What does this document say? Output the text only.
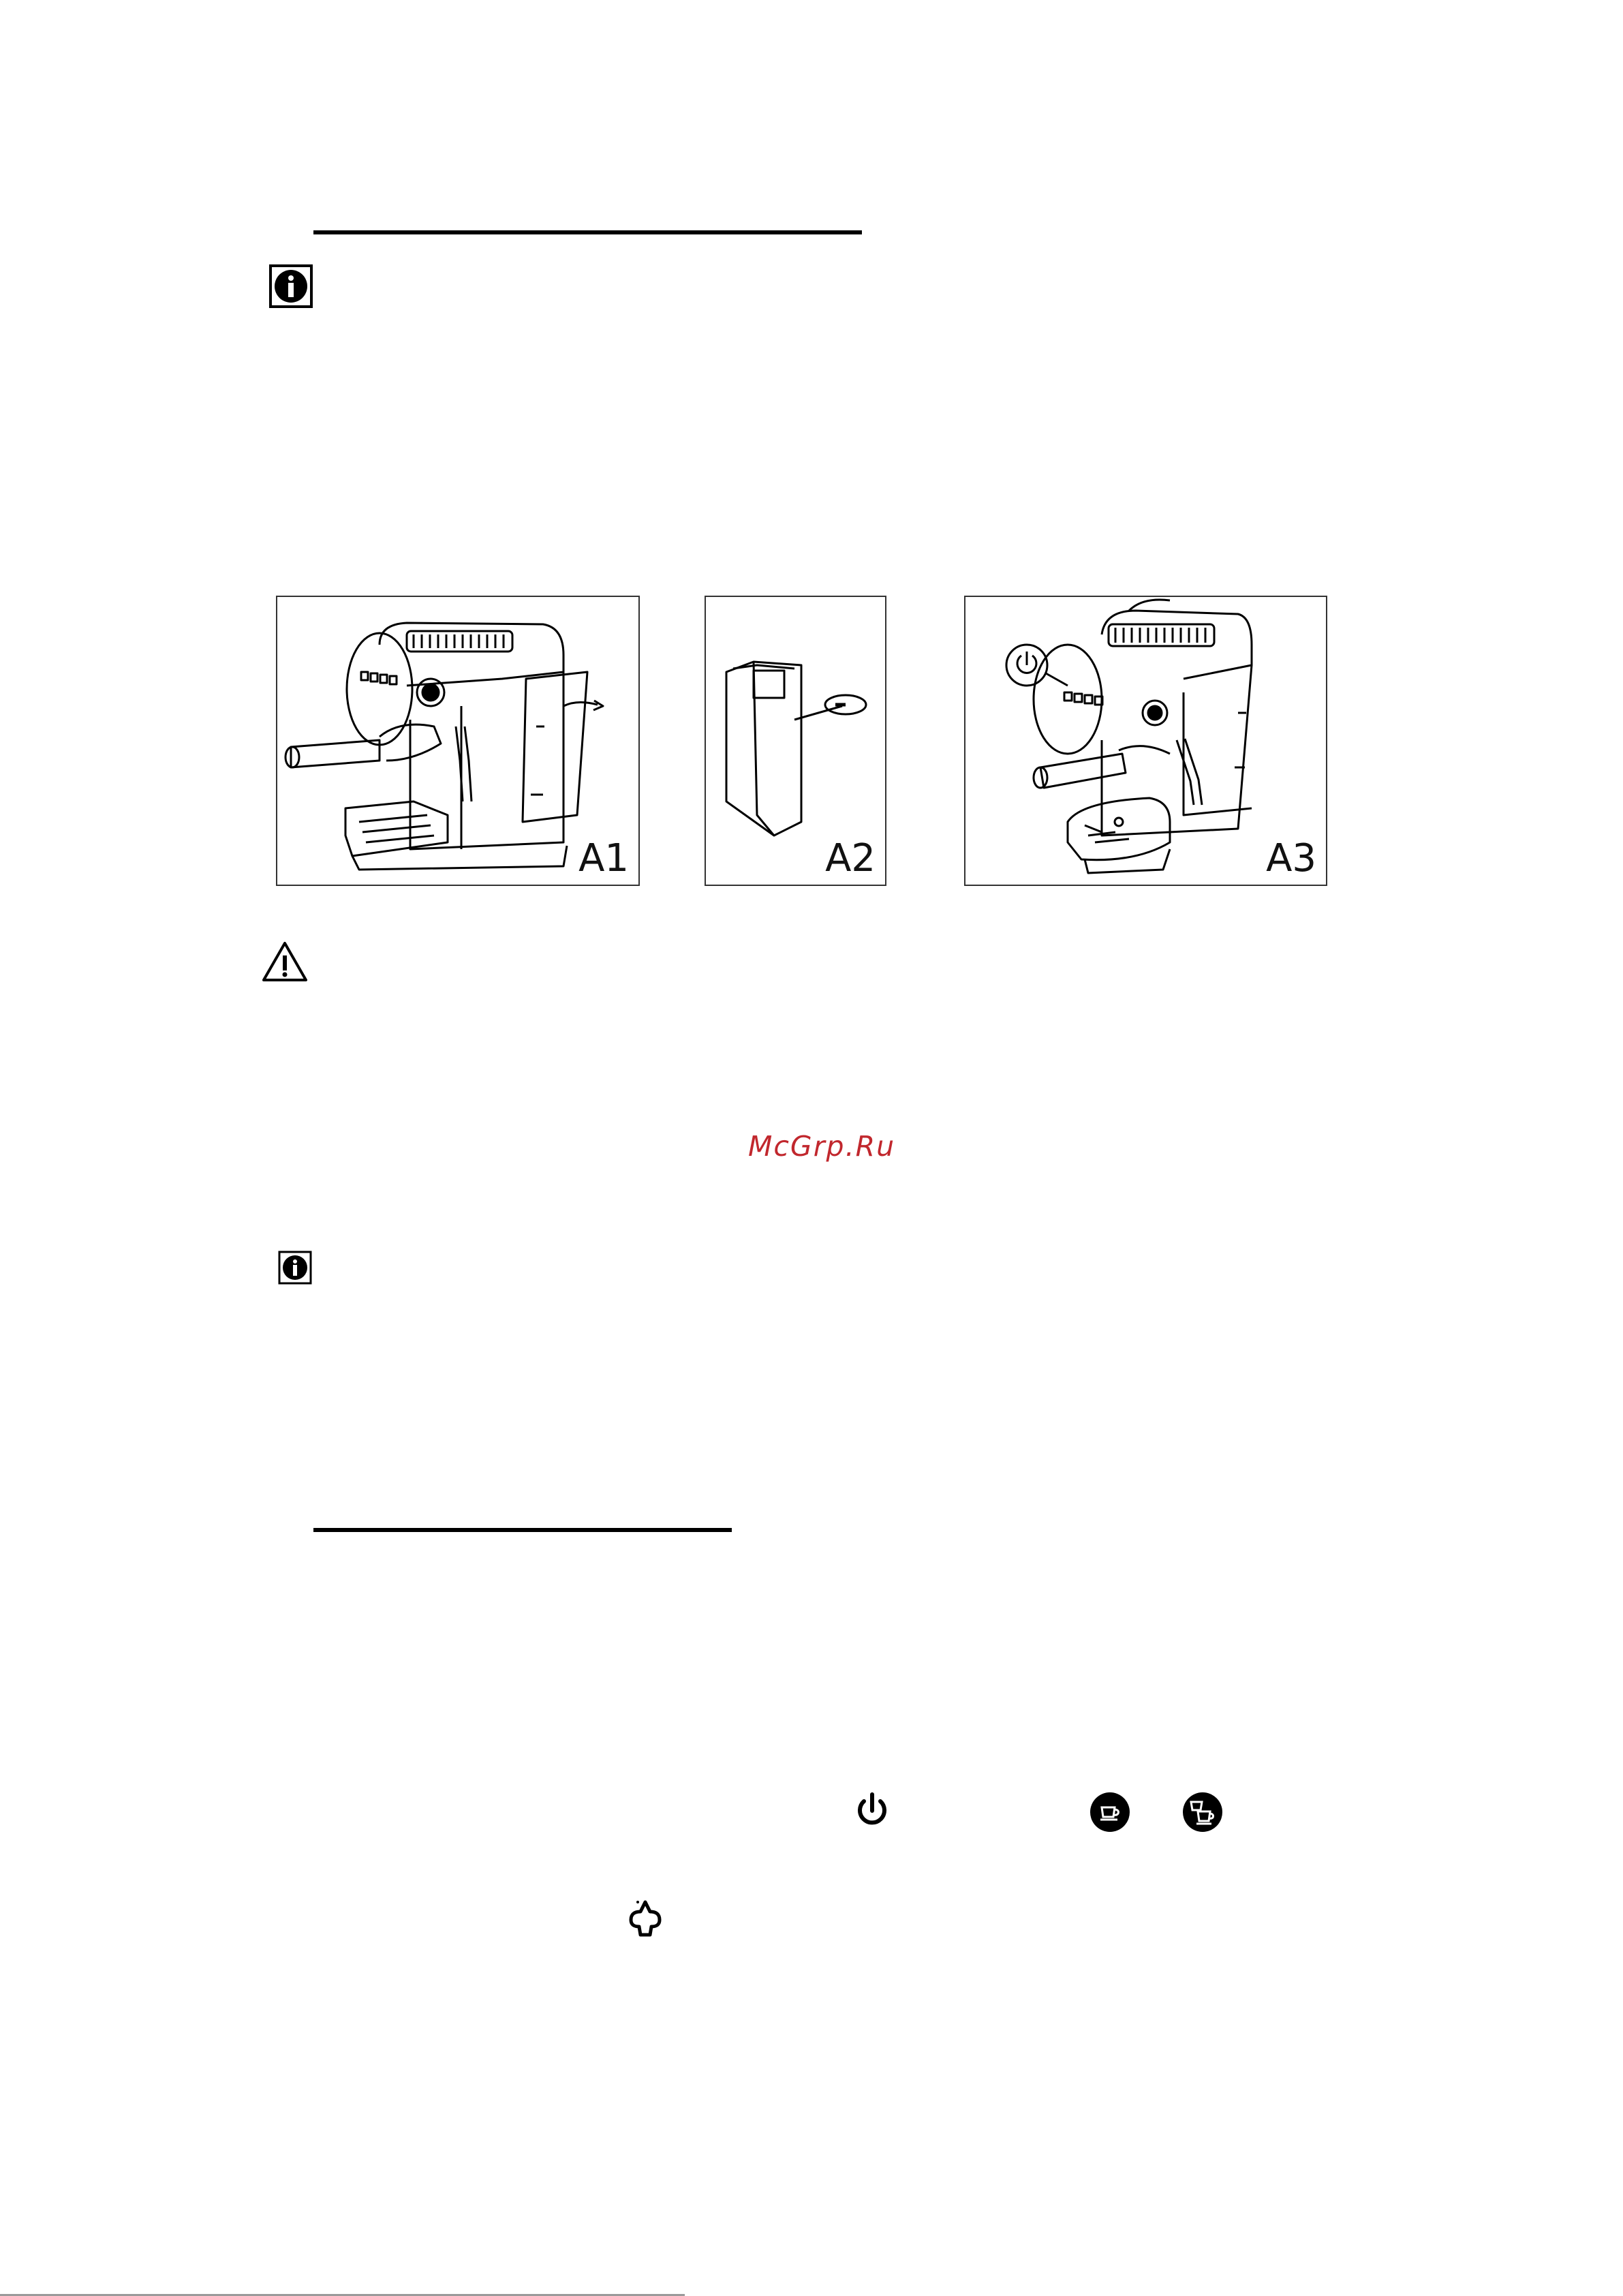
A1	A2	A3
McGrp.Ru
